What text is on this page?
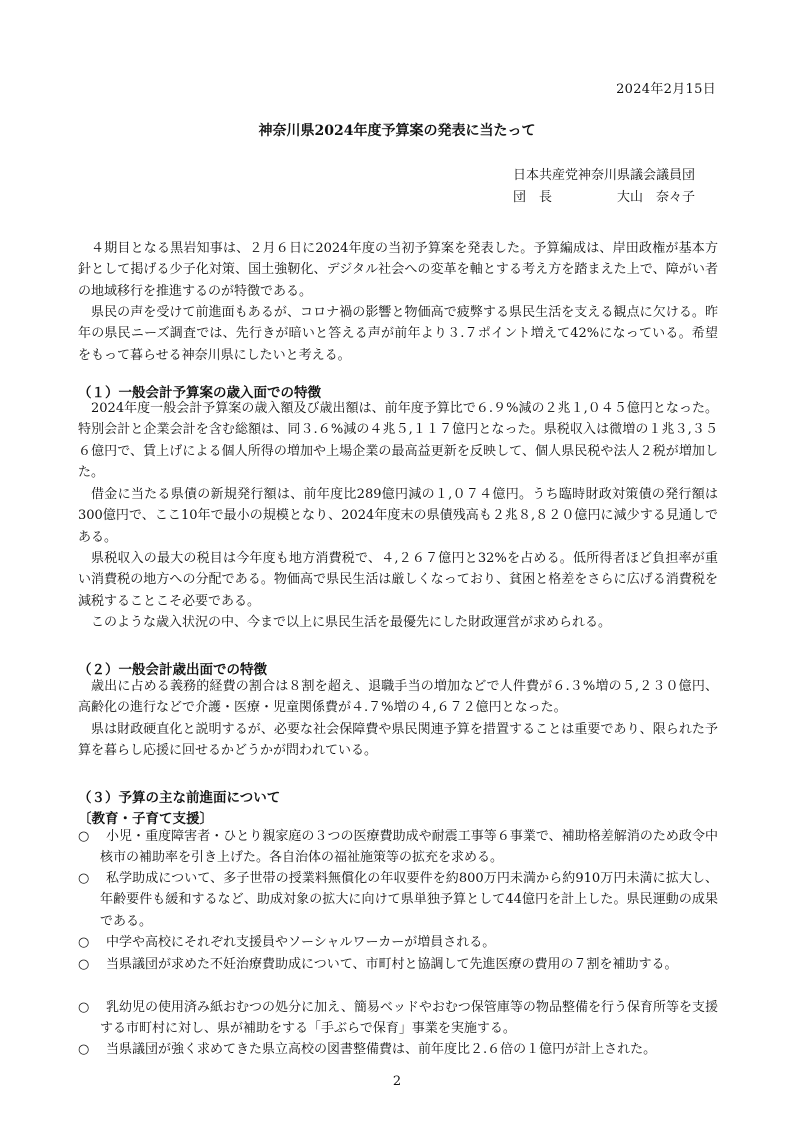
2024年2月15日
神奈川県2024年度予算案の発表に当たって
日本共産党神奈川県議会議員団
団　長　　　　　大山　奈々子

４期目となる黒岩知事は、２月６日に2024年度の当初予算案を発表した。予算編成は、岸田政権が基本方針として掲げる少子化対策、国土強靭化、デジタル社会への変革を軸とする考え方を踏まえた上で、障がい者の地域移行を推進するのが特徴である。

県民の声を受けて前進面もあるが、コロナ禍の影響と物価高で疲弊する県民生活を支える観点に欠ける。昨年の県民ニーズ調査では、先行きが暗いと答える声が前年より３.７ポイント増えて42%になっている。希望をもって暮らせる神奈川県にしたいと考える。

（１）一般会計予算案の歳入面での特徴

2024年度一般会計予算案の歳入額及び歳出額は、前年度予算比で６.９%減の２兆１,０４５億円となった。特別会計と企業会計を含む総額は、同３.６%減の４兆５,１１７億円となった。県税収入は微増の１兆３,３５６億円で、賃上げによる個人所得の増加や上場企業の最高益更新を反映して、個人県民税や法人２税が増加した。

借金に当たる県債の新規発行額は、前年度比289億円減の１,０７４億円。うち臨時財政対策債の発行額は300億円で、ここ10年で最小の規模となり、2024年度末の県債残高も２兆８,８２０億円に減少する見通しである。

県税収入の最大の税目は今年度も地方消費税で、４,２６７億円と32%を占める。低所得者ほど負担率が重い消費税の地方への分配である。物価高で県民生活は厳しくなっており、貧困と格差をさらに広げる消費税を減税することこそ必要である。

このような歳入状況の中、今まで以上に県民生活を最優先にした財政運営が求められる。

（２）一般会計歳出面での特徴

歳出に占める義務的経費の割合は８割を超え、退職手当の増加などで人件費が６.３%増の５,２３０億円、高齢化の進行などで介護・医療・児童関係費が４.７%増の４,６７２億円となった。

県は財政硬直化と説明するが、必要な社会保障費や県民関連予算を措置することは重要であり、限られた予算を暮らし応援に回せるかどうかが問われている。

（３）予算の主な前進面について
〔教育・子育て支援〕
○	小児・重度障害者・ひとり親家庭の３つの医療費助成や耐震工事等６事業で、補助格差解消のため政令中核市の補助率を引き上げた。各自治体の福祉施策等の拡充を求める。
○	私学助成について、多子世帯の授業料無償化の年収要件を約800万円未満から約910万円未満に拡大し、年齢要件も緩和するなど、助成対象の拡大に向けて県単独予算として44億円を計上した。県民運動の成果である。
○	中学や高校にそれぞれ支援員やソーシャルワーカーが増員される。
○	当県議団が求めた不妊治療費助成について、市町村と協調して先進医療の費用の７割を補助する。
○	乳幼児の使用済み紙おむつの処分に加え、簡易ベッドやおむつ保管庫等の物品整備を行う保育所等を支援する市町村に対し、県が補助をする「手ぶらで保育」事業を実施する。
○	当県議団が強く求めてきた県立高校の図書整備費は、前年度比２.６倍の１億円が計上された。
2
